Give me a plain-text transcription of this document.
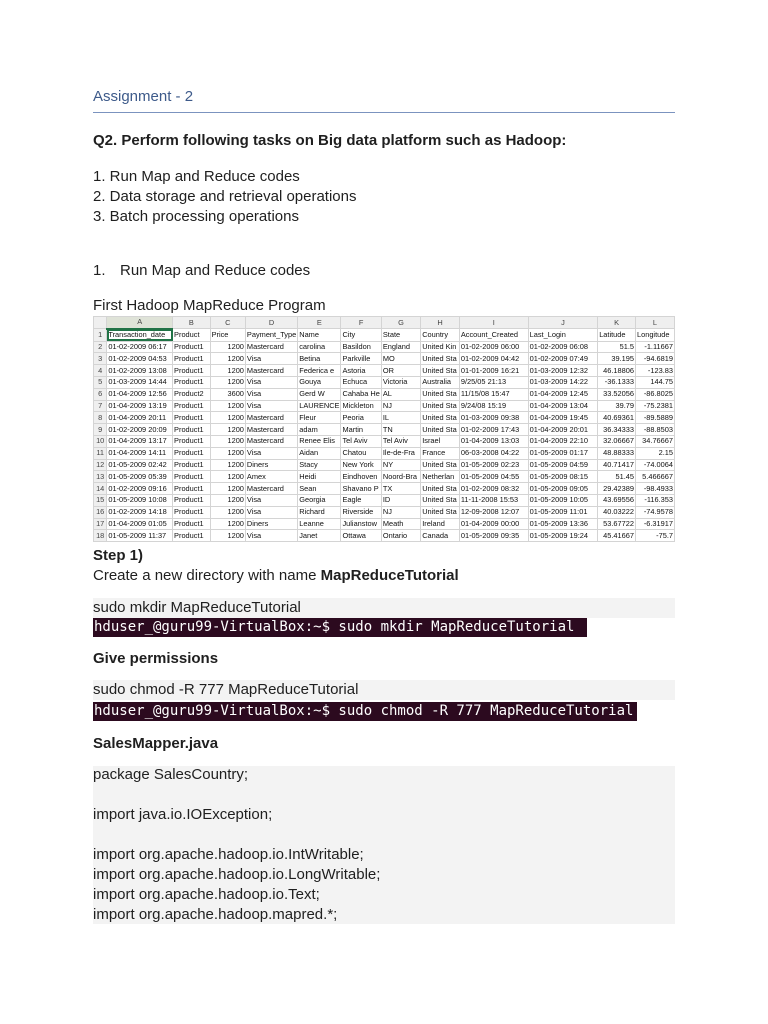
Assignment - 2
Q2. Perform following tasks on Big data platform such as Hadoop:
1. Run Map and Reduce codes
2. Data storage and retrieval operations
3. Batch processing operations
1. Run Map and Reduce codes
First Hadoop MapReduce Program
	A	B	C	D	E	F	G	H	I	J	K	L
1	Transaction_date	Product	Price	Payment_Type	Name	City	State	Country	Account_Created	Last_Login	Latitude	Longitude
2	01-02-2009 06:17	Product1	1200	Mastercard	carolina	Basildon	England	United Kin	01-02-2009 06:00	01-02-2009 06:08	51.5	-1.11667
3	01-02-2009 04:53	Product1	1200	Visa	Betina	Parkville	MO	United Sta	01-02-2009 04:42	01-02-2009 07:49	39.195	-94.6819
4	01-02-2009 13:08	Product1	1200	Mastercard	Federica e	Astoria	OR	United Sta	01-01-2009 16:21	01-03-2009 12:32	46.18806	-123.83
5	01-03-2009 14:44	Product1	1200	Visa	Gouya	Echuca	Victoria	Australia	9/25/05 21:13	01-03-2009 14:22	-36.1333	144.75
6	01-04-2009 12:56	Product2	3600	Visa	Gerd W	Cahaba He	AL	United Sta	11/15/08 15:47	01-04-2009 12:45	33.52056	-86.8025
7	01-04-2009 13:19	Product1	1200	Visa	LAURENCE	Mickleton	NJ	United Sta	9/24/08 15:19	01-04-2009 13:04	39.79	-75.2381
8	01-04-2009 20:11	Product1	1200	Mastercard	Fleur	Peoria	IL	United Sta	01-03-2009 09:38	01-04-2009 19:45	40.69361	-89.5889
9	01-02-2009 20:09	Product1	1200	Mastercard	adam	Martin	TN	United Sta	01-02-2009 17:43	01-04-2009 20:01	36.34333	-88.8503
10	01-04-2009 13:17	Product1	1200	Mastercard	Renee Elis	Tel Aviv	Tel Aviv	Israel	01-04-2009 13:03	01-04-2009 22:10	32.06667	34.76667
11	01-04-2009 14:11	Product1	1200	Visa	Aidan	Chatou	Ile-de-Fra	France	06-03-2008 04:22	01-05-2009 01:17	48.88333	2.15
12	01-05-2009 02:42	Product1	1200	Diners	Stacy	New York	NY	United Sta	01-05-2009 02:23	01-05-2009 04:59	40.71417	-74.0064
13	01-05-2009 05:39	Product1	1200	Amex	Heidi	Eindhoven	Noord-Bra	Netherlan	01-05-2009 04:55	01-05-2009 08:15	51.45	5.466667
14	01-02-2009 09:16	Product1	1200	Mastercard	Sean	Shavano P	TX	United Sta	01-02-2009 08:32	01-05-2009 09:05	29.42389	-98.4933
15	01-05-2009 10:08	Product1	1200	Visa	Georgia	Eagle	ID	United Sta	11-11-2008 15:53	01-05-2009 10:05	43.69556	-116.353
16	01-02-2009 14:18	Product1	1200	Visa	Richard	Riverside	NJ	United Sta	12-09-2008 12:07	01-05-2009 11:01	40.03222	-74.9578
17	01-04-2009 01:05	Product1	1200	Diners	Leanne	Julianstow	Meath	Ireland	01-04-2009 00:00	01-05-2009 13:36	53.67722	-6.31917
18	01-05-2009 11:37	Product1	1200	Visa	Janet	Ottawa	Ontario	Canada	01-05-2009 09:35	01-05-2009 19:24	45.41667	-75.7
Step 1)
Create a new directory with name MapReduceTutorial
sudo mkdir MapReduceTutorial
hduser_@guru99-VirtualBox:~$ sudo mkdir MapReduceTutorial
Give permissions
sudo chmod -R 777 MapReduceTutorial
hduser_@guru99-VirtualBox:~$ sudo chmod -R 777 MapReduceTutorial
SalesMapper.java
package SalesCountry;
import java.io.IOException;
import org.apache.hadoop.io.IntWritable;
import org.apache.hadoop.io.LongWritable;
import org.apache.hadoop.io.Text;
import org.apache.hadoop.mapred.*;
